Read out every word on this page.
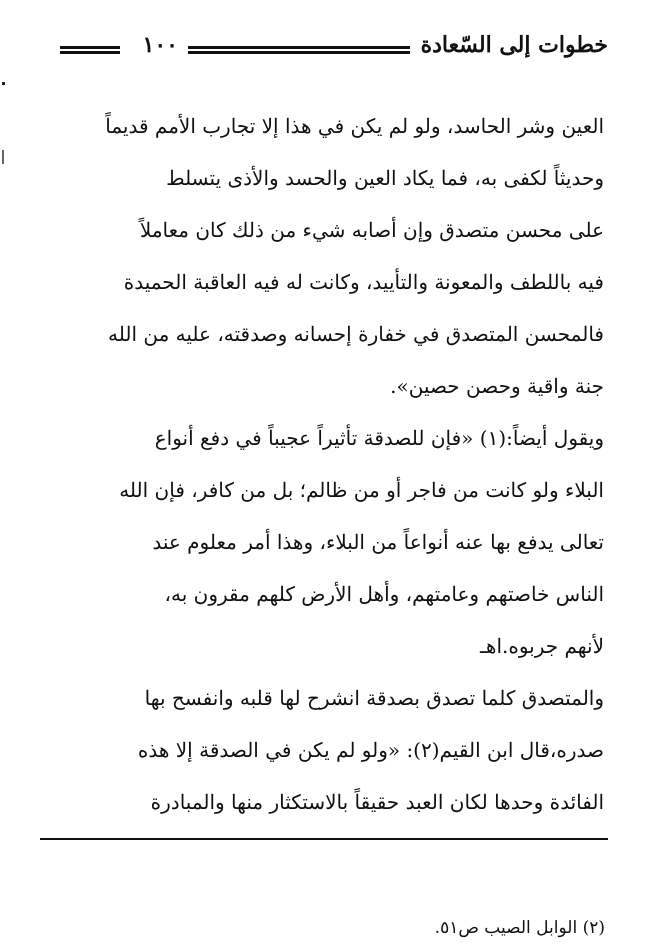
خطوات إلى السّعادة
١٠٠
العين وشر الحاسد، ولو لم يكن في هذا إلا تجارب الأمم قديماً
وحديثاً لكفى به، فما يكاد العين والحسد والأذى يتسلط
على محسن متصدق وإن أصابه شيء من ذلك كان معاملاً
فيه باللطف والمعونة والتأييد، وكانت له فيه العاقبة الحميدة
فالمحسن المتصدق في خفارة إحسانه وصدقته، عليه من الله
جنة واقية وحصن حصين».
ويقول أيضاً:(١) «فإن للصدقة تأثيراً عجيباً في دفع أنواع
البلاء ولو كانت من فاجر أو من ظالم؛ بل من كافر، فإن الله
تعالى يدفع بها عنه أنواعاً من البلاء، وهذا أمر معلوم عند
الناس خاصتهم وعامتهم، وأهل الأرض كلهم مقرون به،
لأنهم جربوه.اهـ
والمتصدق كلما تصدق بصدقة انشرح لها قلبه وانفسح بها
صدره،قال ابن القيم(٢): «ولو لم يكن في الصدقة إلا هذه
الفائدة وحدها لكان العبد حقيقاً بالاستكثار منها والمبادرة
(٢) الوابل الصيب ص٥١.
